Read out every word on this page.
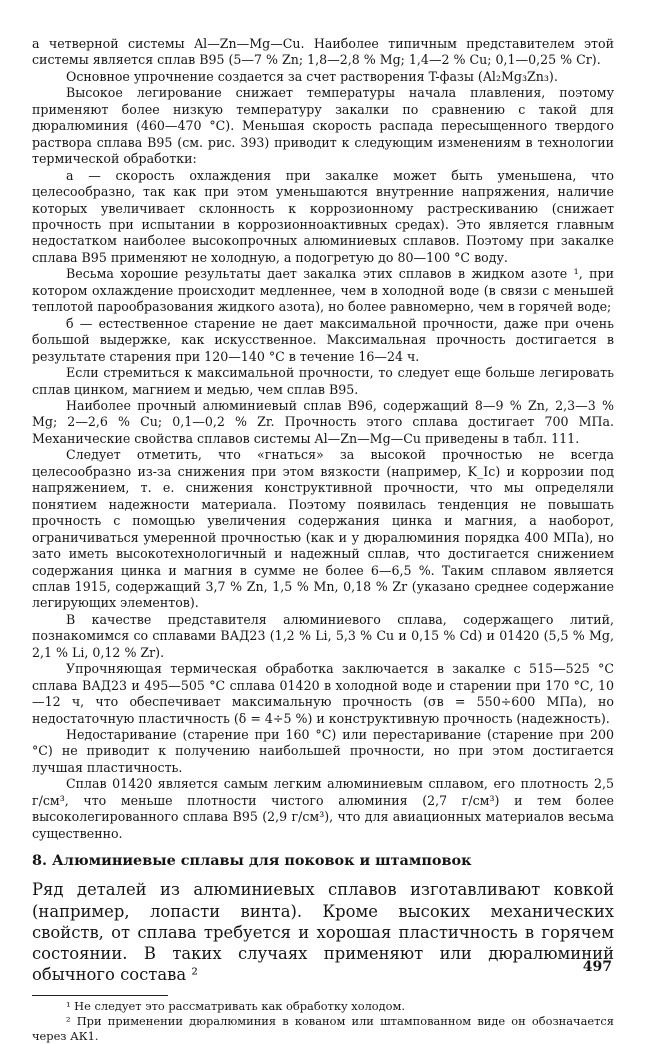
а четверной системы Al—Zn—Mg—Cu. Наиболее типичным представителем этой системы является сплав В95 (5—7 % Zn; 1,8—2,8 % Mg; 1,4—2 % Cu; 0,1—0,25 % Cr).

Основное упрочнение создается за счет растворения T-фазы (Al₂Mg₃Zn₃).

Высокое легирование снижает температуры начала плавления, поэтому применяют более низкую температуру закалки по сравнению с такой для дюралюминия (460—470 °С). Меньшая скорость распада пересыщенного твердого раствора сплава В95 (см. рис. 393) приводит к следующим изменениям в технологии термической обработки:

а — скорость охлаждения при закалке может быть уменьшена, что целесообразно, так как при этом уменьшаются внутренние напряжения, наличие которых увеличивает склонность к коррозионному растрескиванию (снижает прочность при испытании в коррозионноактивных средах). Это является главным недостатком наиболее высокопрочных алюминиевых сплавов. Поэтому при закалке сплава В95 применяют не холодную, а подогретую до 80—100 °С воду.

Весьма хорошие результаты дает закалка этих сплавов в жидком азоте ¹, при котором охлаждение происходит медленнее, чем в холодной воде (в связи с меньшей теплотой парообразования жидкого азота), но более равномерно, чем в горячей воде;

б — естественное старение не дает максимальной прочности, даже при очень большой выдержке, как искусственное. Максимальная прочность достигается в результате старения при 120—140 °С в течение 16—24 ч.

Если стремиться к максимальной прочности, то следует еще больше легировать сплав цинком, магнием и медью, чем сплав В95.

Наиболее прочный алюминиевый сплав В96, содержащий 8—9 % Zn, 2,3—3 % Mg; 2—2,6 % Cu; 0,1—0,2 % Zr. Прочность этого сплава достигает 700 МПа. Механические свойства сплавов системы Al—Zn—Mg—Cu приведены в табл. 111.

Следует отметить, что «гнаться» за высокой прочностью не всегда целесообразно из-за снижения при этом вязкости (например, K_Ic) и коррозии под напряжением, т. е. снижения конструктивной прочности, что мы определяли понятием надежности материала. Поэтому появилась тенденция не повышать прочность с помощью увеличения содержания цинка и магния, а наоборот, ограничиваться умеренной прочностью (как и у дюралюминия порядка 400 МПа), но зато иметь высокотехнологичный и надежный сплав, что достигается снижением содержания цинка и магния в сумме не более 6—6,5 %. Таким сплавом является сплав 1915, содержащий 3,7 % Zn, 1,5 % Mn, 0,18 % Zr (указано среднее содержание легирующих элементов).

В качестве представителя алюминиевого сплава, содержащего литий, познакомимся со сплавами ВАД23 (1,2 % Li, 5,3 % Cu и 0,15 % Cd) и 01420 (5,5 % Mg, 2,1 % Li, 0,12 % Zr).

Упрочняющая термическая обработка заключается в закалке с 515—525 °С сплава ВАД23 и 495—505 °С сплава 01420 в холодной воде и старении при 170 °С, 10—12 ч, что обеспечивает максимальную прочность (σв = 550÷600 МПа), но недостаточную пластичность (δ = 4÷5 %) и конструктивную прочность (надежность).

Недостаривание (старение при 160 °С) или перестаривание (старение при 200 °С) не приводит к получению наибольшей прочности, но при этом достигается лучшая пластичность.

Сплав 01420 является самым легким алюминиевым сплавом, его плотность 2,5 г/см³, что меньше плотности чистого алюминия (2,7 г/см³) и тем более высоколегированного сплава В95 (2,9 г/см³), что для авиационных материалов весьма существенно.

8. Алюминиевые сплавы для поковок и штамповок

Ряд деталей из алюминиевых сплавов изготавливают ковкой (например, лопасти винта). Кроме высоких механических свойств, от сплава требуется и хорошая пластичность в горячем состоянии. В таких случаях применяют или дюралюминий обычного состава ²

¹ Не следует это рассматривать как обработку холодом.

² При применении дюралюминия в кованом или штампованном виде он обозначается через АК1.

497
